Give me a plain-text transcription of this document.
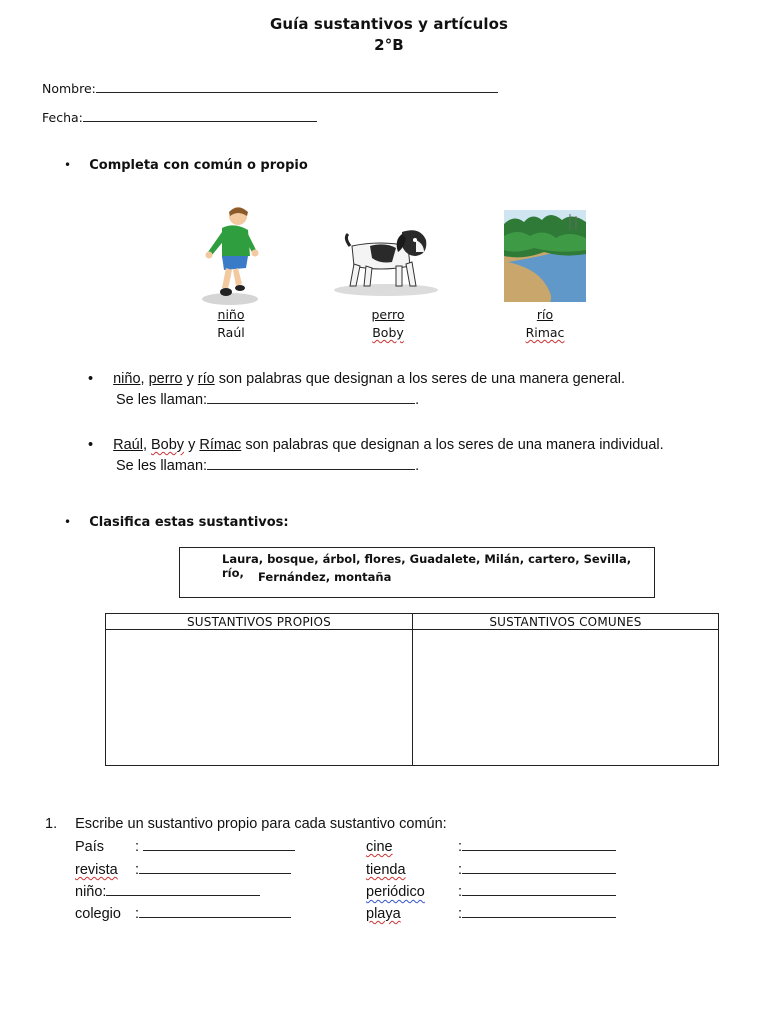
Guía sustantivos y artículos
2°B
Nombre:
Fecha:
• Completa con común o propio
niño
Raúl
perro
Boby
río
Rimac
• niño, perro y río son palabras que designan a los seres de una manera general.
Se les llaman:	.
• Raúl, Boby y Rímac son palabras que designan a los seres de una manera individual.
Se les llaman:	.
• Clasifica estas sustantivos:
Laura, bosque, árbol, flores, Guadalete, Milán, cartero, Sevilla, río,	Fernández, montaña
SUSTANTIVOS PROPIOS	SUSTANTIVOS COMUNES

1. Escribe un sustantivo propio para cada sustantivo común:
País :
revista :
niño:
colegio :
cine	:
tienda	:
periódico :
playa	:
